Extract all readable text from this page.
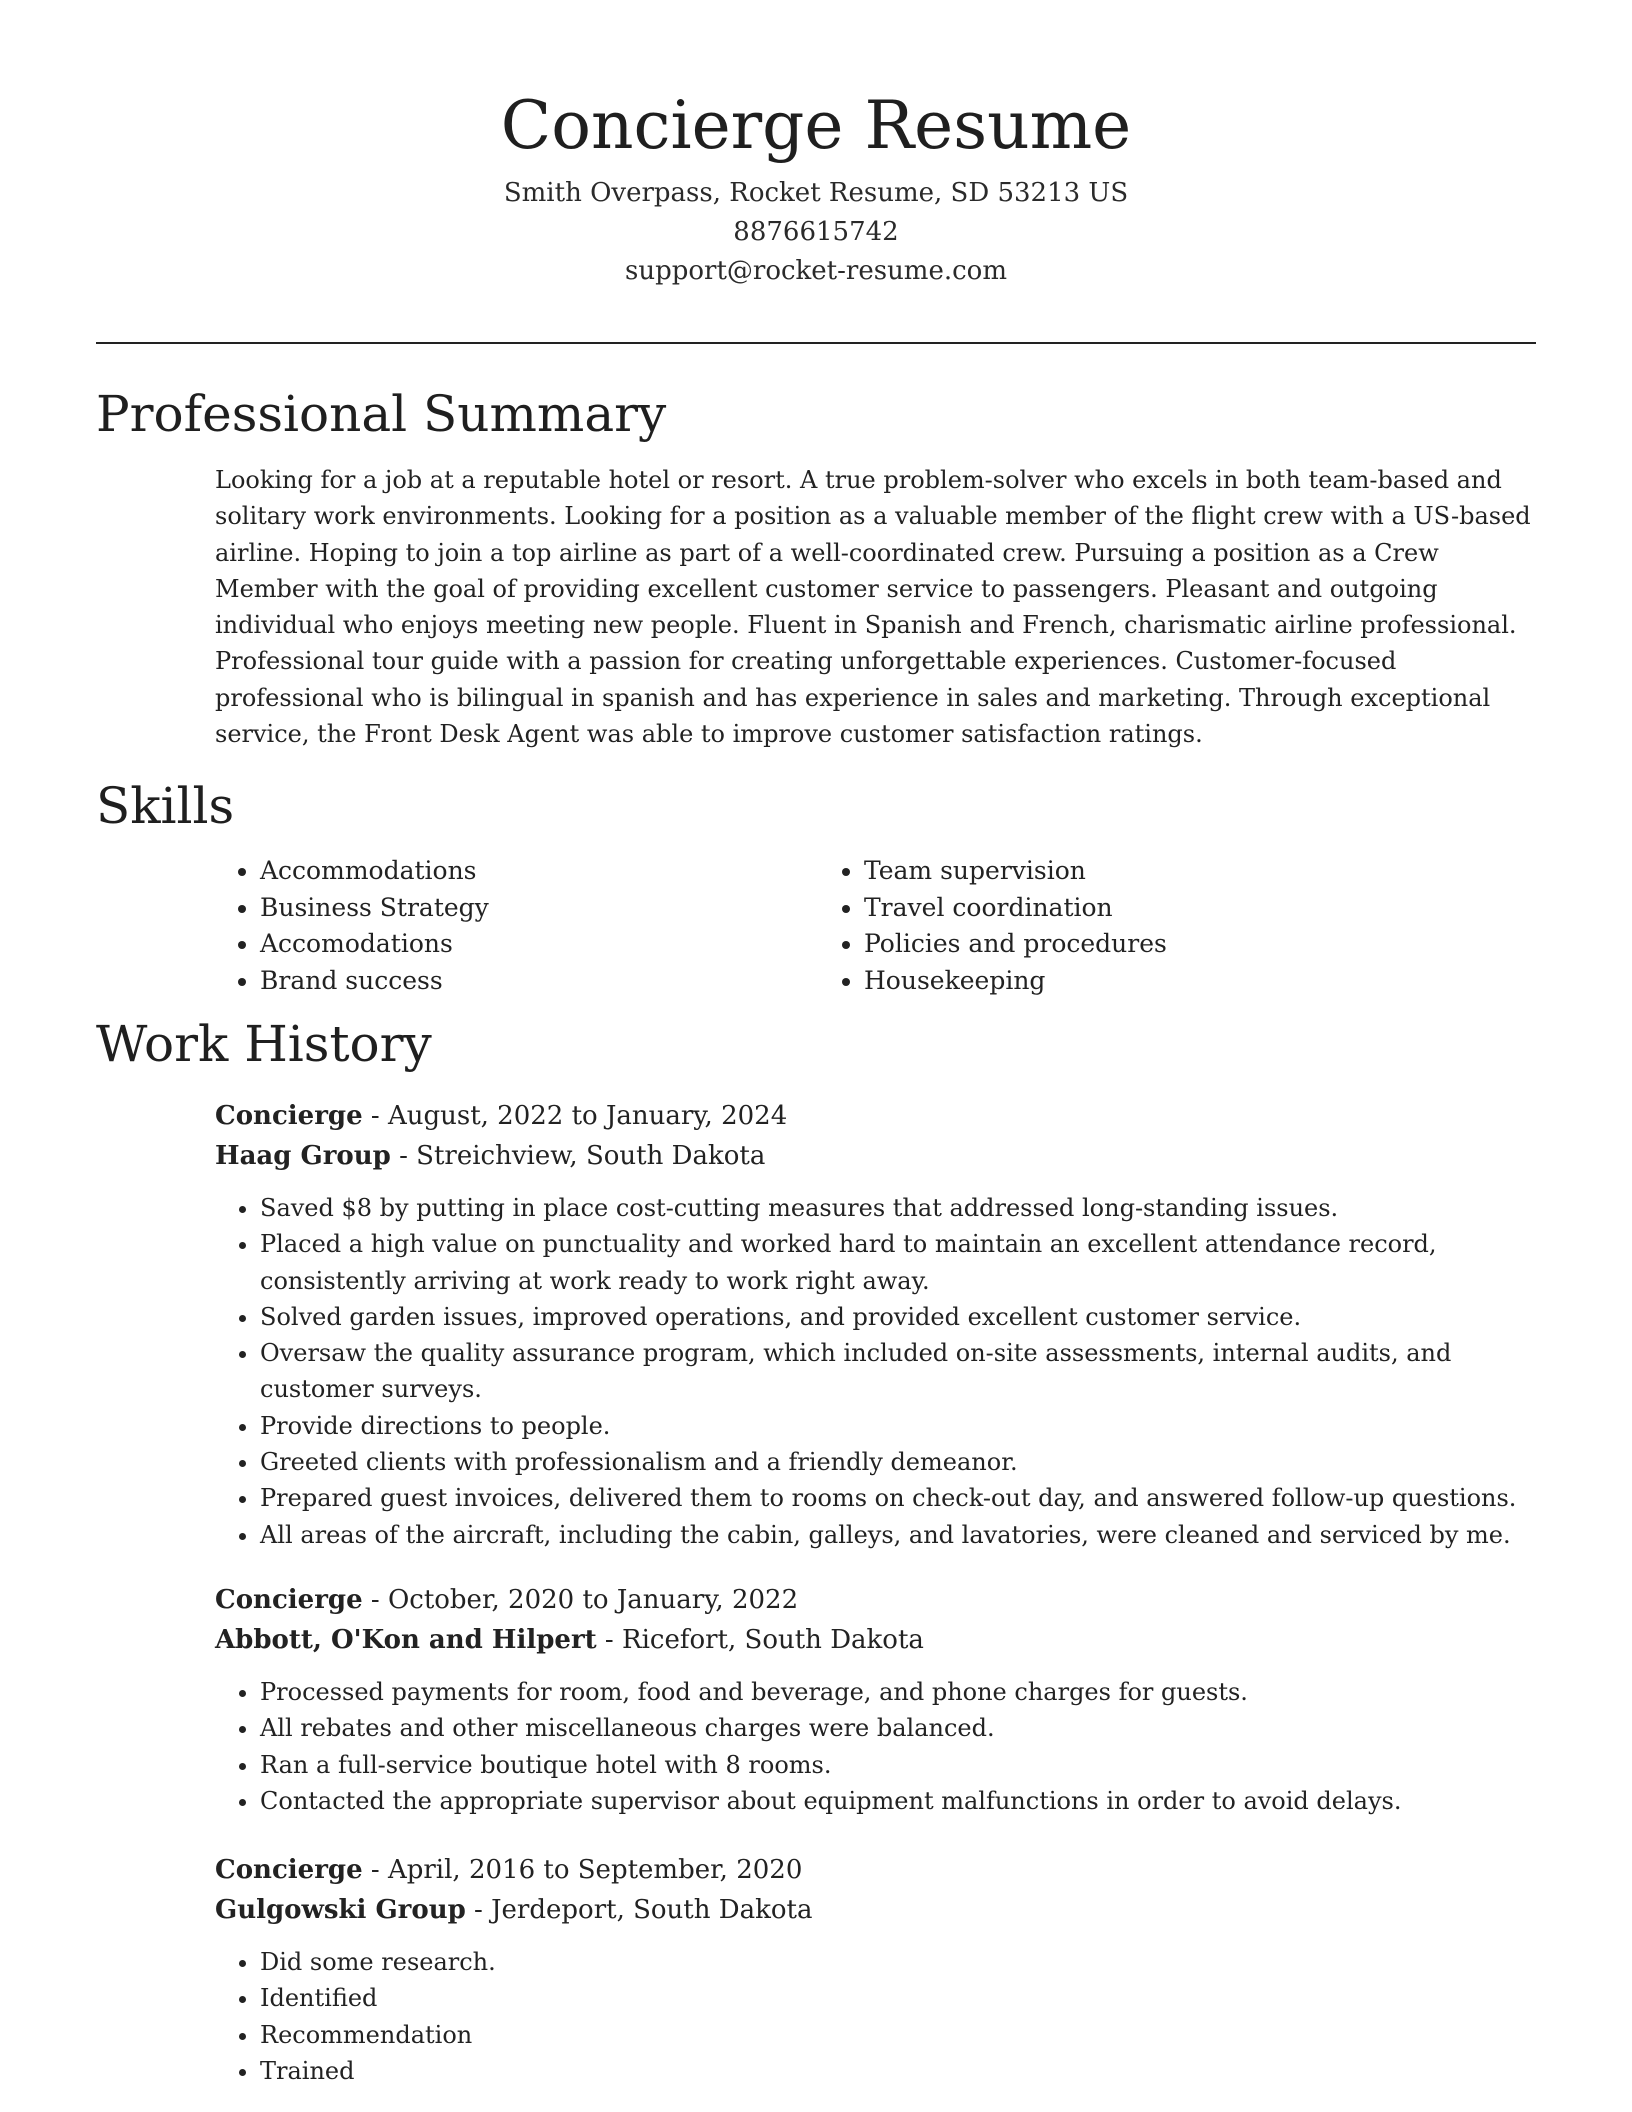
Concierge Resume
Smith Overpass, Rocket Resume, SD 53213 US
8876615742
support@rocket-resume.com
Professional Summary

Looking for a job at a reputable hotel or resort. A true problem-solver who excels in both team-based and solitary work environments. Looking for a position as a valuable member of the flight crew with a US-based airline. Hoping to join a top airline as part of a well-coordinated crew. Pursuing a position as a Crew Member with the goal of providing excellent customer service to passengers. Pleasant and outgoing individual who enjoys meeting new people. Fluent in Spanish and French, charismatic airline professional. Professional tour guide with a passion for creating unforgettable experiences. Customer-focused professional who is bilingual in spanish and has experience in sales and marketing. Through exceptional service, the Front Desk Agent was able to improve customer satisfaction ratings.

Skills
• Accommodations
• Business Strategy
• Accomodations
• Brand success
• Team supervision
• Travel coordination
• Policies and procedures
• Housekeeping
Work History
Concierge - August, 2022 to January, 2024
Haag Group - Streichview, South Dakota
• Saved $8 by putting in place cost-cutting measures that addressed long-standing issues.
• Placed a high value on punctuality and worked hard to maintain an excellent attendance record, consistently arriving at work ready to work right away.
• Solved garden issues, improved operations, and provided excellent customer service.
• Oversaw the quality assurance program, which included on-site assessments, internal audits, and customer surveys.
• Provide directions to people.
• Greeted clients with professionalism and a friendly demeanor.
• Prepared guest invoices, delivered them to rooms on check-out day, and answered follow-up questions.
• All areas of the aircraft, including the cabin, galleys, and lavatories, were cleaned and serviced by me.
Concierge - October, 2020 to January, 2022
Abbott, O'Kon and Hilpert - Ricefort, South Dakota
• Processed payments for room, food and beverage, and phone charges for guests.
• All rebates and other miscellaneous charges were balanced.
• Ran a full-service boutique hotel with 8 rooms.
• Contacted the appropriate supervisor about equipment malfunctions in order to avoid delays.
Concierge - April, 2016 to September, 2020
Gulgowski Group - Jerdeport, South Dakota
• Did some research.
• Identified
• Recommendation
• Trained
